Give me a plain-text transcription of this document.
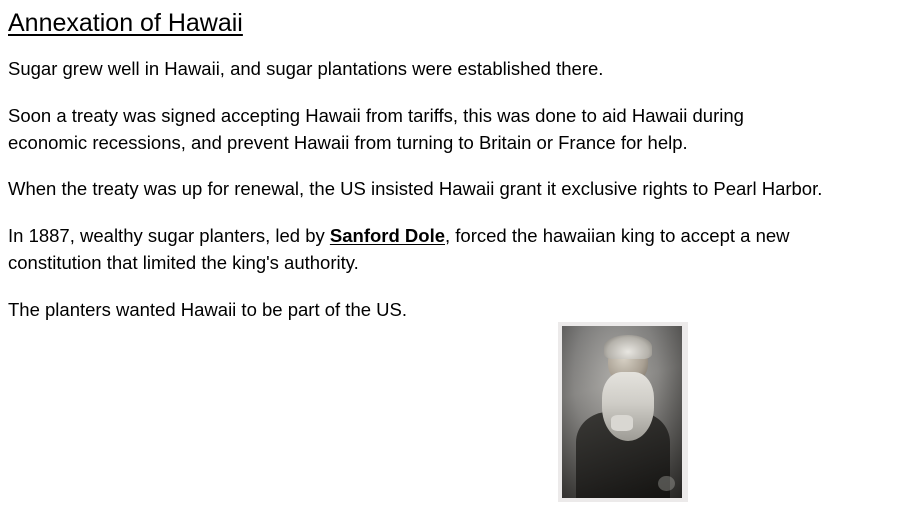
Annexation of Hawaii

Sugar grew well in Hawaii, and sugar plantations were established there.

Soon a treaty was signed accepting Hawaii from tariffs, this was done to aid Hawaii during economic recessions, and prevent Hawaii from turning to Britain or France for help.

When the treaty was up for renewal, the US insisted Hawaii grant it exclusive rights to Pearl Harbor.

In 1887, wealthy sugar planters, led by Sanford Dole, forced the hawaiian king to accept a new constitution that limited the king's authority.

The planters wanted Hawaii to be part of the US.
